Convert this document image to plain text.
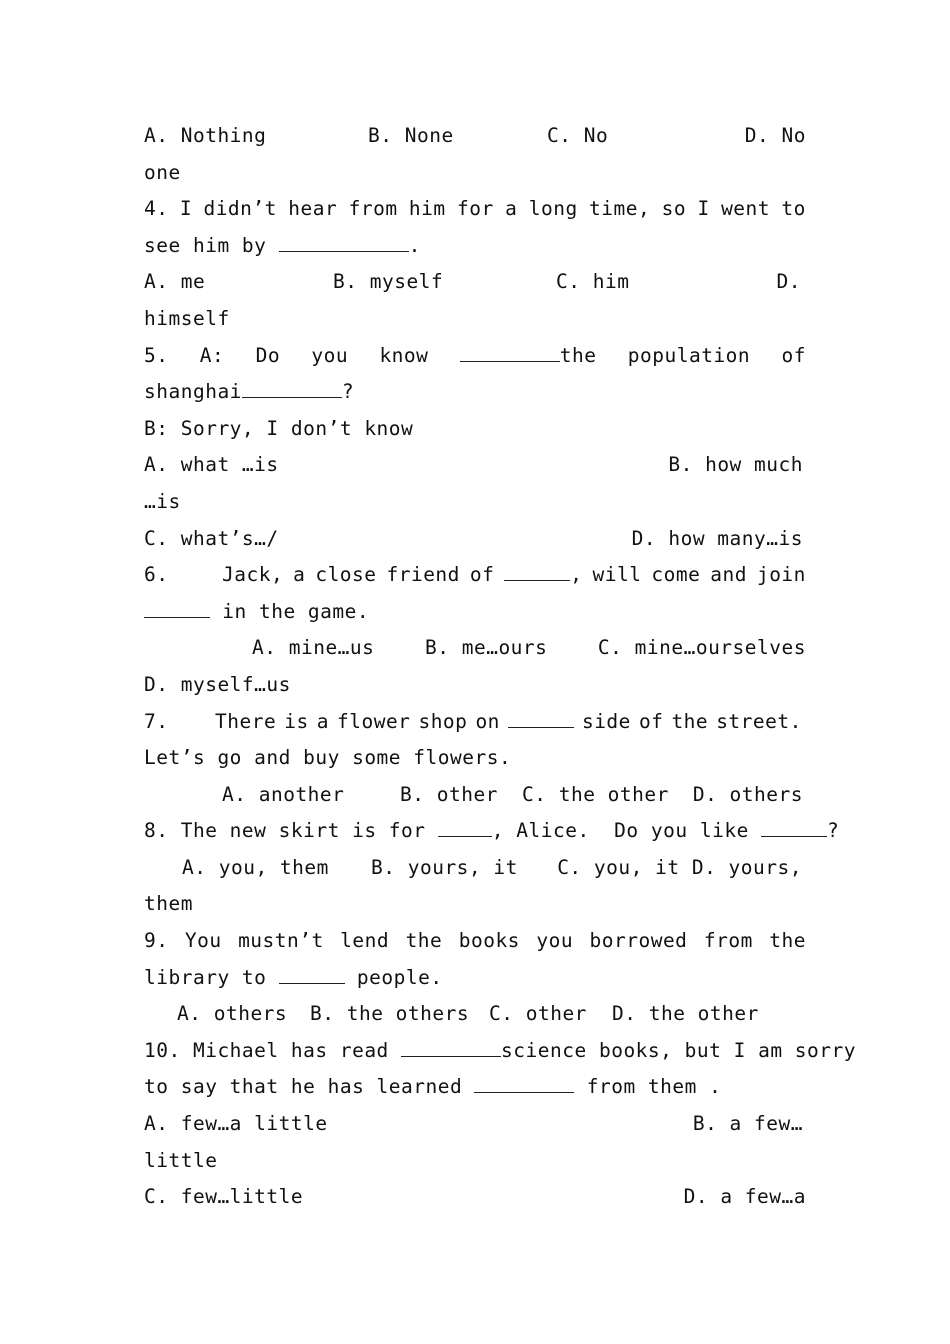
A. Nothing

	B. None

	C. No

	D. No

one
4. I didn’t hear from him for a long time, so I went to
see him by	.

A. me

	B. myself

	C. him

	D.

himself
5. A: Do you know	the population of
shanghai	?
B: Sorry, I don’t know

A. what …is

	B. how much

…is

C. what’s…/

	D. how many…is

6.

	Jack, a close friend of	, will come and join

in the game.

A. mine…us

	B. me…ours

	C. mine…ourselves

D. myself…us

7.

There is a flower shop on	side of the street.

Let’s go and buy some flowers.

A. another

	B. other

C. the other

D. others

8. The new skirt is for	, Alice.  Do you like	?

A. you, them

B. yours, it

C. you, it D. yours,

them
9. You mustn’t lend the books you borrowed from the
library to	people.

A. others

B. the others

C. other

D. the other

10. Michael has read	science books, but I am sorry
to say that he has learned	from them .

A. few…a little

	B. a few…

little

C. few…little

	D. a few…a
